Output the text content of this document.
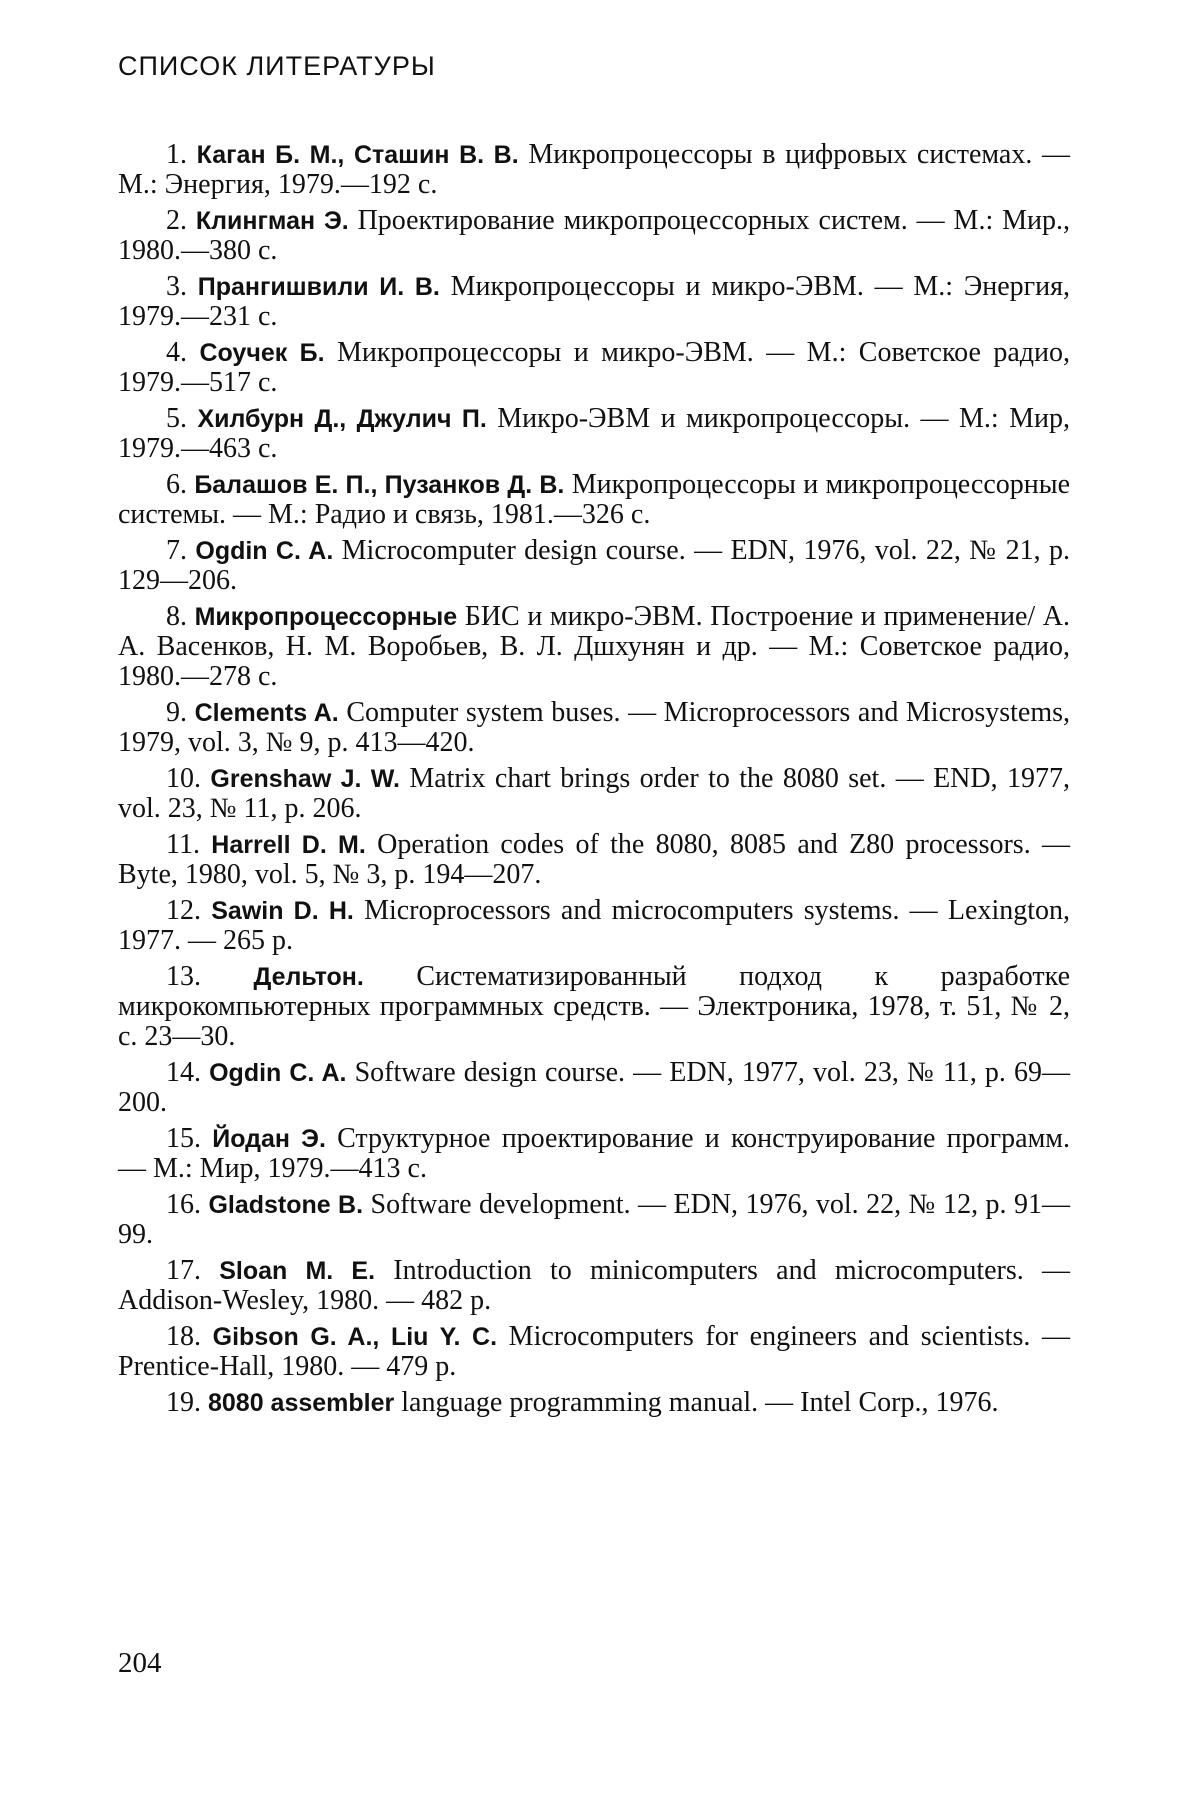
СПИСОК ЛИТЕРАТУРЫ
1. Каган Б. М., Сташин В. В. Микропроцессоры в цифровых системах. — М.: Энергия, 1979.—192 с.
2. Клингман Э. Проектирование микропроцессорных систем. — М.: Мир., 1980.—380 с.
3. Прангишвили И. В. Микропроцессоры и микро-ЭВМ. — М.: Энергия, 1979.—231 с.
4. Соучек Б. Микропроцессоры и микро-ЭВМ. — М.: Советское радио, 1979.—517 с.
5. Хилбурн Д., Джулич П. Микро-ЭВМ и микропроцессоры. — М.: Мир, 1979.—463 с.
6. Балашов Е. П., Пузанков Д. В. Микропроцессоры и микропроцессорные системы. — М.: Радио и связь, 1981.—326 с.
7. Ogdin C. A. Microcomputer design course. — EDN, 1976, vol. 22, № 21, p. 129—206.
8. Микропроцессорные БИС и микро-ЭВМ. Построение и применение/ А. А. Васенков, Н. М. Воробьев, В. Л. Дшхунян и др. — М.: Советское радио, 1980.—278 с.
9. Clements A. Computer system buses. — Microprocessors and Microsystems, 1979, vol. 3, № 9, p. 413—420.
10. Grenshaw J. W. Matrix chart brings order to the 8080 set. — END, 1977, vol. 23, № 11, p. 206.
11. Harrell D. M. Operation codes of the 8080, 8085 and Z80 processors. — Byte, 1980, vol. 5, № 3, p. 194—207.
12. Sawin D. H. Microprocessors and microcomputers systems. — Lexington, 1977. — 265 p.
13. Дельтон. Систематизированный подход к разработке микрокомпьютерных программных средств. — Электроника, 1978, т. 51, № 2, с. 23—30.
14. Ogdin C. A. Software design course. — EDN, 1977, vol. 23, № 11, p. 69—200.
15. Йодан Э. Структурное проектирование и конструирование программ. — М.: Мир, 1979.—413 с.
16. Gladstone B. Software development. — EDN, 1976, vol. 22, № 12, p. 91—99.
17. Sloan M. E. Introduction to minicomputers and microcomputers. — Addison-Wesley, 1980. — 482 p.
18. Gibson G. A., Liu Y. C. Microcomputers for engineers and scientists. — Prentice-Hall, 1980. — 479 p.
19. 8080 assembler language programming manual. — Intel Corp., 1976.
204
